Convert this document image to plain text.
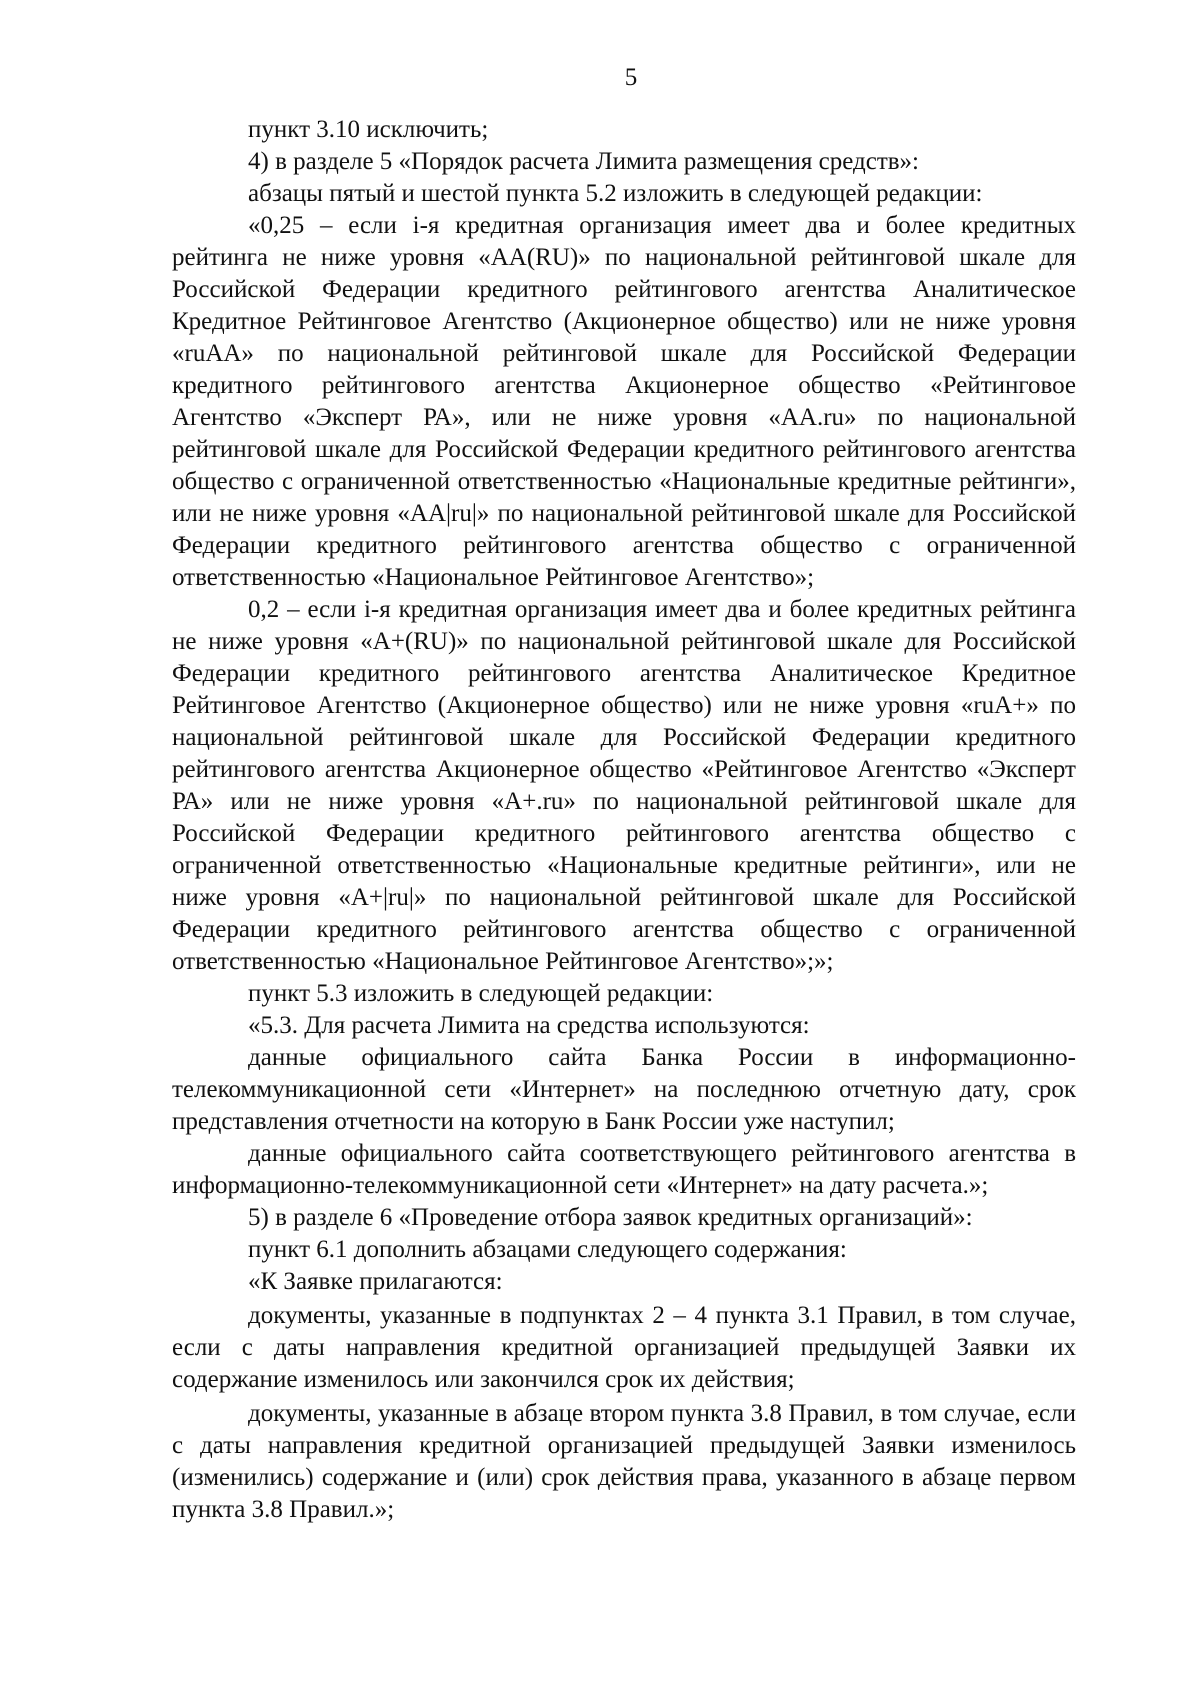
5

пункт 3.10 исключить;

4) в разделе 5 «Порядок расчета Лимита размещения средств»:

абзацы пятый и шестой пункта 5.2 изложить в следующей редакции:

«0,25 – если i-я кредитная организация имеет два и более кредитных рейтинга не ниже уровня «AA(RU)» по национальной рейтинговой шкале для Российской Федерации кредитного рейтингового агентства Аналитическое Кредитное Рейтинговое Агентство (Акционерное общество) или не ниже уровня «ruAA» по национальной рейтинговой шкале для Российской Федерации кредитного рейтингового агентства Акционерное общество «Рейтинговое Агентство «Эксперт РА», или не ниже уровня «AA.ru» по национальной рейтинговой шкале для Российской Федерации кредитного рейтингового агентства общество с ограниченной ответственностью «Национальные кредитные рейтинги», или не ниже уровня «AA|ru|» по национальной рейтинговой шкале для Российской Федерации кредитного рейтингового агентства общество с ограниченной ответственностью «Национальное Рейтинговое Агентство»;

0,2 – если i-я кредитная организация имеет два и более кредитных рейтинга не ниже уровня «A+(RU)» по национальной рейтинговой шкале для Российской Федерации кредитного рейтингового агентства Аналитическое Кредитное Рейтинговое Агентство (Акционерное общество) или не ниже уровня «ruA+» по национальной рейтинговой шкале для Российской Федерации кредитного рейтингового агентства Акционерное общество «Рейтинговое Агентство «Эксперт РА» или не ниже уровня «A+.ru» по национальной рейтинговой шкале для Российской Федерации кредитного рейтингового агентства общество с ограниченной ответственностью «Национальные кредитные рейтинги», или не ниже уровня «A+|ru|» по национальной рейтинговой шкале для Российской Федерации кредитного рейтингового агентства общество с ограниченной ответственностью «Национальное Рейтинговое Агентство»;»;

пункт 5.3 изложить в следующей редакции:

«5.3. Для расчета Лимита на средства используются:

данные официального сайта Банка России в информационно-телекоммуникационной сети «Интернет» на последнюю отчетную дату, срок представления отчетности на которую в Банк России уже наступил;

данные официального сайта соответствующего рейтингового агентства в информационно-телекоммуникационной сети «Интернет» на дату расчета.»;

5) в разделе 6 «Проведение отбора заявок кредитных организаций»:

пункт 6.1 дополнить абзацами следующего содержания:

«К Заявке прилагаются:

документы, указанные в подпунктах 2 – 4 пункта 3.1 Правил, в том случае, если с даты направления кредитной организацией предыдущей Заявки их содержание изменилось или закончился срок их действия;

документы, указанные в абзаце втором пункта 3.8 Правил, в том случае, если с даты направления кредитной организацией предыдущей Заявки изменилось (изменились) содержание и (или) срок действия права, указанного в абзаце первом пункта 3.8 Правил.»;
